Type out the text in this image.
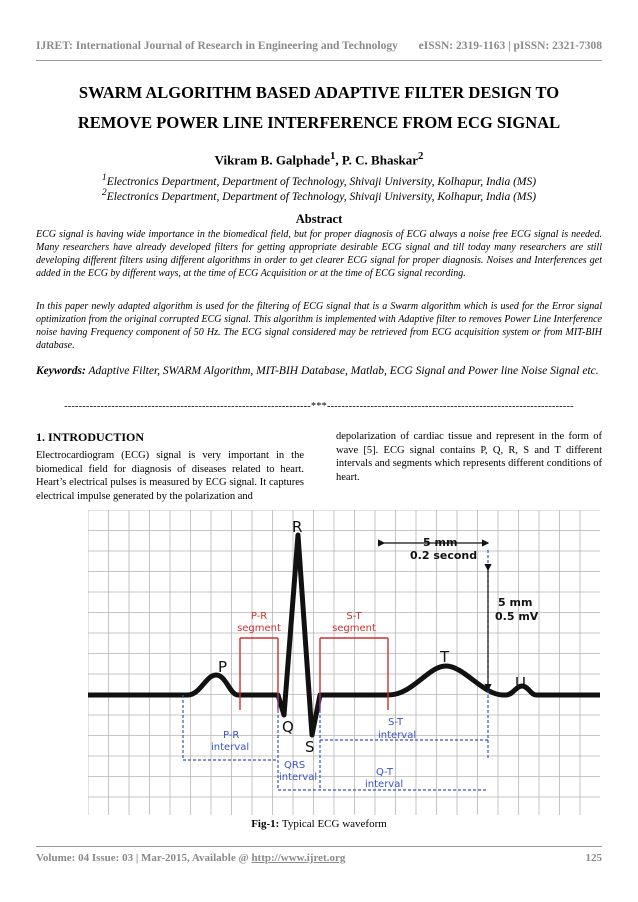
IJRET: International Journal of Research in Engineering and Technology eISSN: 2319-1163 | pISSN: 2321-7308
SWARM ALGORITHM BASED ADAPTIVE FILTER DESIGN TO
REMOVE POWER LINE INTERFERENCE FROM ECG SIGNAL
Vikram B. Galphade$^1$, P. C. Bhaskar$^2$
$^1$Electronics Department, Department of Technology, Shivaji University, Kolhapur, India (MS)
$^2$Electronics Department, Department of Technology, Shivaji University, Kolhapur, India (MS)
Abstract
ECG signal is having wide importance in the biomedical field, but for proper diagnosis of ECG always a noise free ECG signal is needed. Many researchers have already developed filters for getting appropriate desirable ECG signal and till today many researchers are still developing different filters using different algorithms in order to get clearer ECG signal for proper diagnosis. Noises and Interferences get added in the ECG by different ways, at the time of ECG Acquisition or at the time of ECG signal recording.
In this paper newly adapted algorithm is used for the filtering of ECG signal that is a Swarm algorithm which is used for the Error signal optimization from the original corrupted ECG signal. This algorithm is implemented with Adaptive filter to removes Power Line Interference noise having Frequency component of 50 Hz. The ECG signal considered may be retrieved from ECG acquisition system or from MIT-BIH database.
Keywords: Adaptive Filter, SWARM Algorithm, MIT-BIH Database, Matlab, ECG Signal and Power line Noise Signal etc.
--------------------------------------------------------------------***--------------------------------------------------------------------
1. INTRODUCTION
Electrocardiogram (ECG) signal is very important in the biomedical field for diagnosis of diseases related to heart. Heart’s electrical pulses is measured by ECG signal. It captures electrical impulse generated by the polarization and
depolarization of cardiac tissue and represent in the form of wave [5]. ECG signal contains P, Q, R, S and T different intervals and segments which represents different conditions of heart.
R
P
T
U
Q
S
P-R
segment
S-T
segment
P-R
interval
QRS
interval
S-T
interval
Q-T
interval
5 mm
0.2 second
5 mm
0.5 mV
Fig-1: Typical ECG waveform
Volume: 04 Issue: 03 | Mar-2015, Available @ http://www.ijret.org	125
